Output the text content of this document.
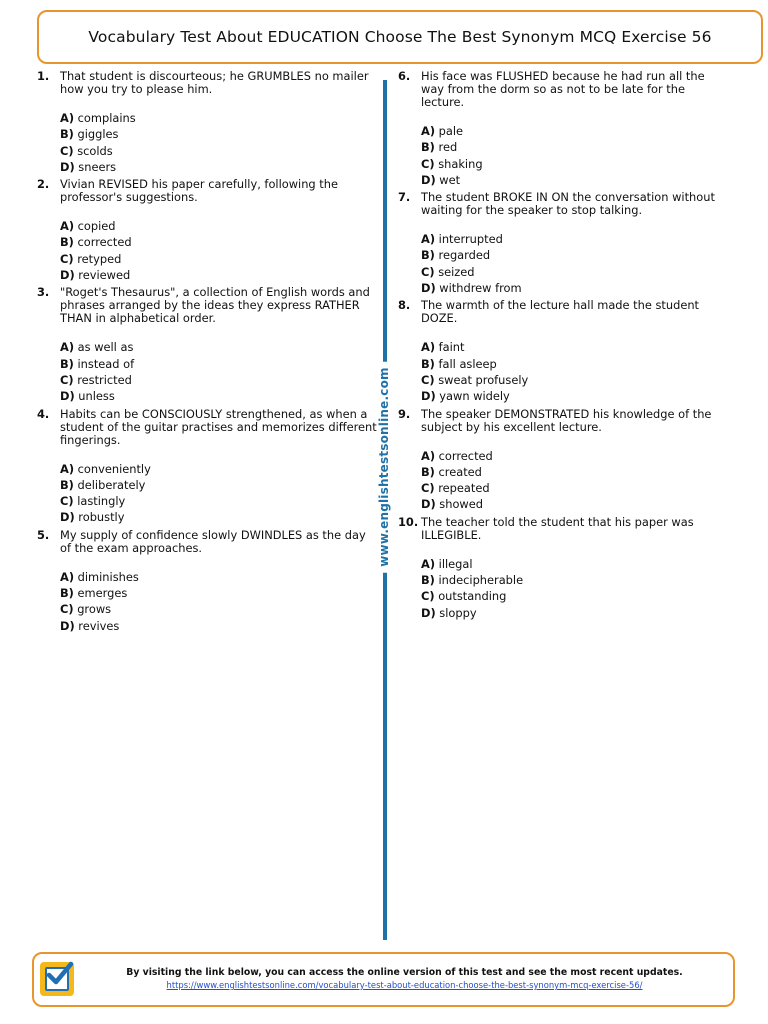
Vocabulary Test About EDUCATION Choose The Best Synonym MCQ Exercise 56
1. That student is discourteous; he GRUMBLES no mailer how you try to please him.
A) complains
B) giggles
C) scolds
D) sneers
2. Vivian REVISED his paper carefully, following the professor's suggestions.
A) copied
B) corrected
C) retyped
D) reviewed
3. "Roget's Thesaurus", a collection of English words and phrases arranged by the ideas they express RATHER THAN in alphabetical order.
A) as well as
B) instead of
C) restricted
D) unless
4. Habits can be CONSCIOUSLY strengthened, as when a student of the guitar practises and memorizes different fingerings.
A) conveniently
B) deliberately
C) lastingly
D) robustly
5. My supply of confidence slowly DWINDLES as the day of the exam approaches.
A) diminishes
B) emerges
C) grows
D) revives
www.englishtestsonline.com
6. His face was FLUSHED because he had run all the way from the dorm so as not to be late for the lecture.
A) pale
B) red
C) shaking
D) wet
7. The student BROKE IN ON the conversation without waiting for the speaker to stop talking.
A) interrupted
B) regarded
C) seized
D) withdrew from
8. The warmth of the lecture hall made the student DOZE.
A) faint
B) fall asleep
C) sweat profusely
D) yawn widely
9. The speaker DEMONSTRATED his knowledge of the subject by his excellent lecture.
A) corrected
B) created
C) repeated
D) showed
10. The teacher told the student that his paper was ILLEGIBLE.
A) illegal
B) indecipherable
C) outstanding
D) sloppy
By visiting the link below, you can access the online version of this test and see the most recent updates.
https://www.englishtestsonline.com/vocabulary-test-about-education-choose-the-best-synonym-mcq-exercise-56/
